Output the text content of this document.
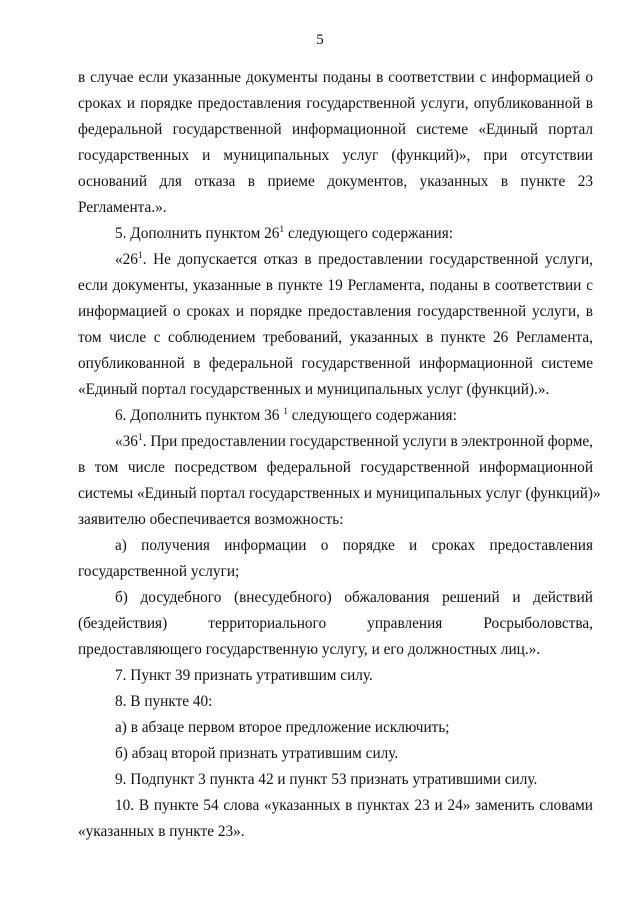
5
в случае если указанные документы поданы в соответствии с информацией о
сроках и порядке предоставления государственной услуги, опубликованной в
федеральной государственной информационной системе «Единый портал
государственных и муниципальных услуг (функций)», при отсутствии
оснований для отказа в приеме документов, указанных в пункте 23
Регламента.».
5. Дополнить пунктом $26^1$ следующего содержания:
«$26^1$. Не допускается отказ в предоставлении государственной услуги,
если документы, указанные в пункте 19 Регламента, поданы в соответствии с
информацией о сроках и порядке предоставления государственной услуги, в
том числе с соблюдением требований, указанных в пункте 26 Регламента,
опубликованной в федеральной государственной информационной системе
«Единый портал государственных и муниципальных услуг (функций).».
6. Дополнить пунктом 36 $^1$ следующего содержания:
«$36^1$. При предоставлении государственной услуги в электронной форме,
в том числе посредством федеральной государственной информационной
системы «Единый портал государственных и муниципальных услуг (функций)»
заявителю обеспечивается возможность:
а) получения информации о порядке и сроках предоставления
государственной услуги;
б) досудебного (внесудебного) обжалования решений и действий
(бездействия) территориального управления Росрыболовства,
предоставляющего государственную услугу, и его должностных лиц.».
7. Пункт 39 признать утратившим силу.
8. В пункте 40:
а) в абзаце первом второе предложение исключить;
б) абзац второй признать утратившим силу.
9. Подпункт 3 пункта 42 и пункт 53 признать утратившими силу.
10. В пункте 54 слова «указанных в пунктах 23 и 24» заменить словами
«указанных в пункте 23».
